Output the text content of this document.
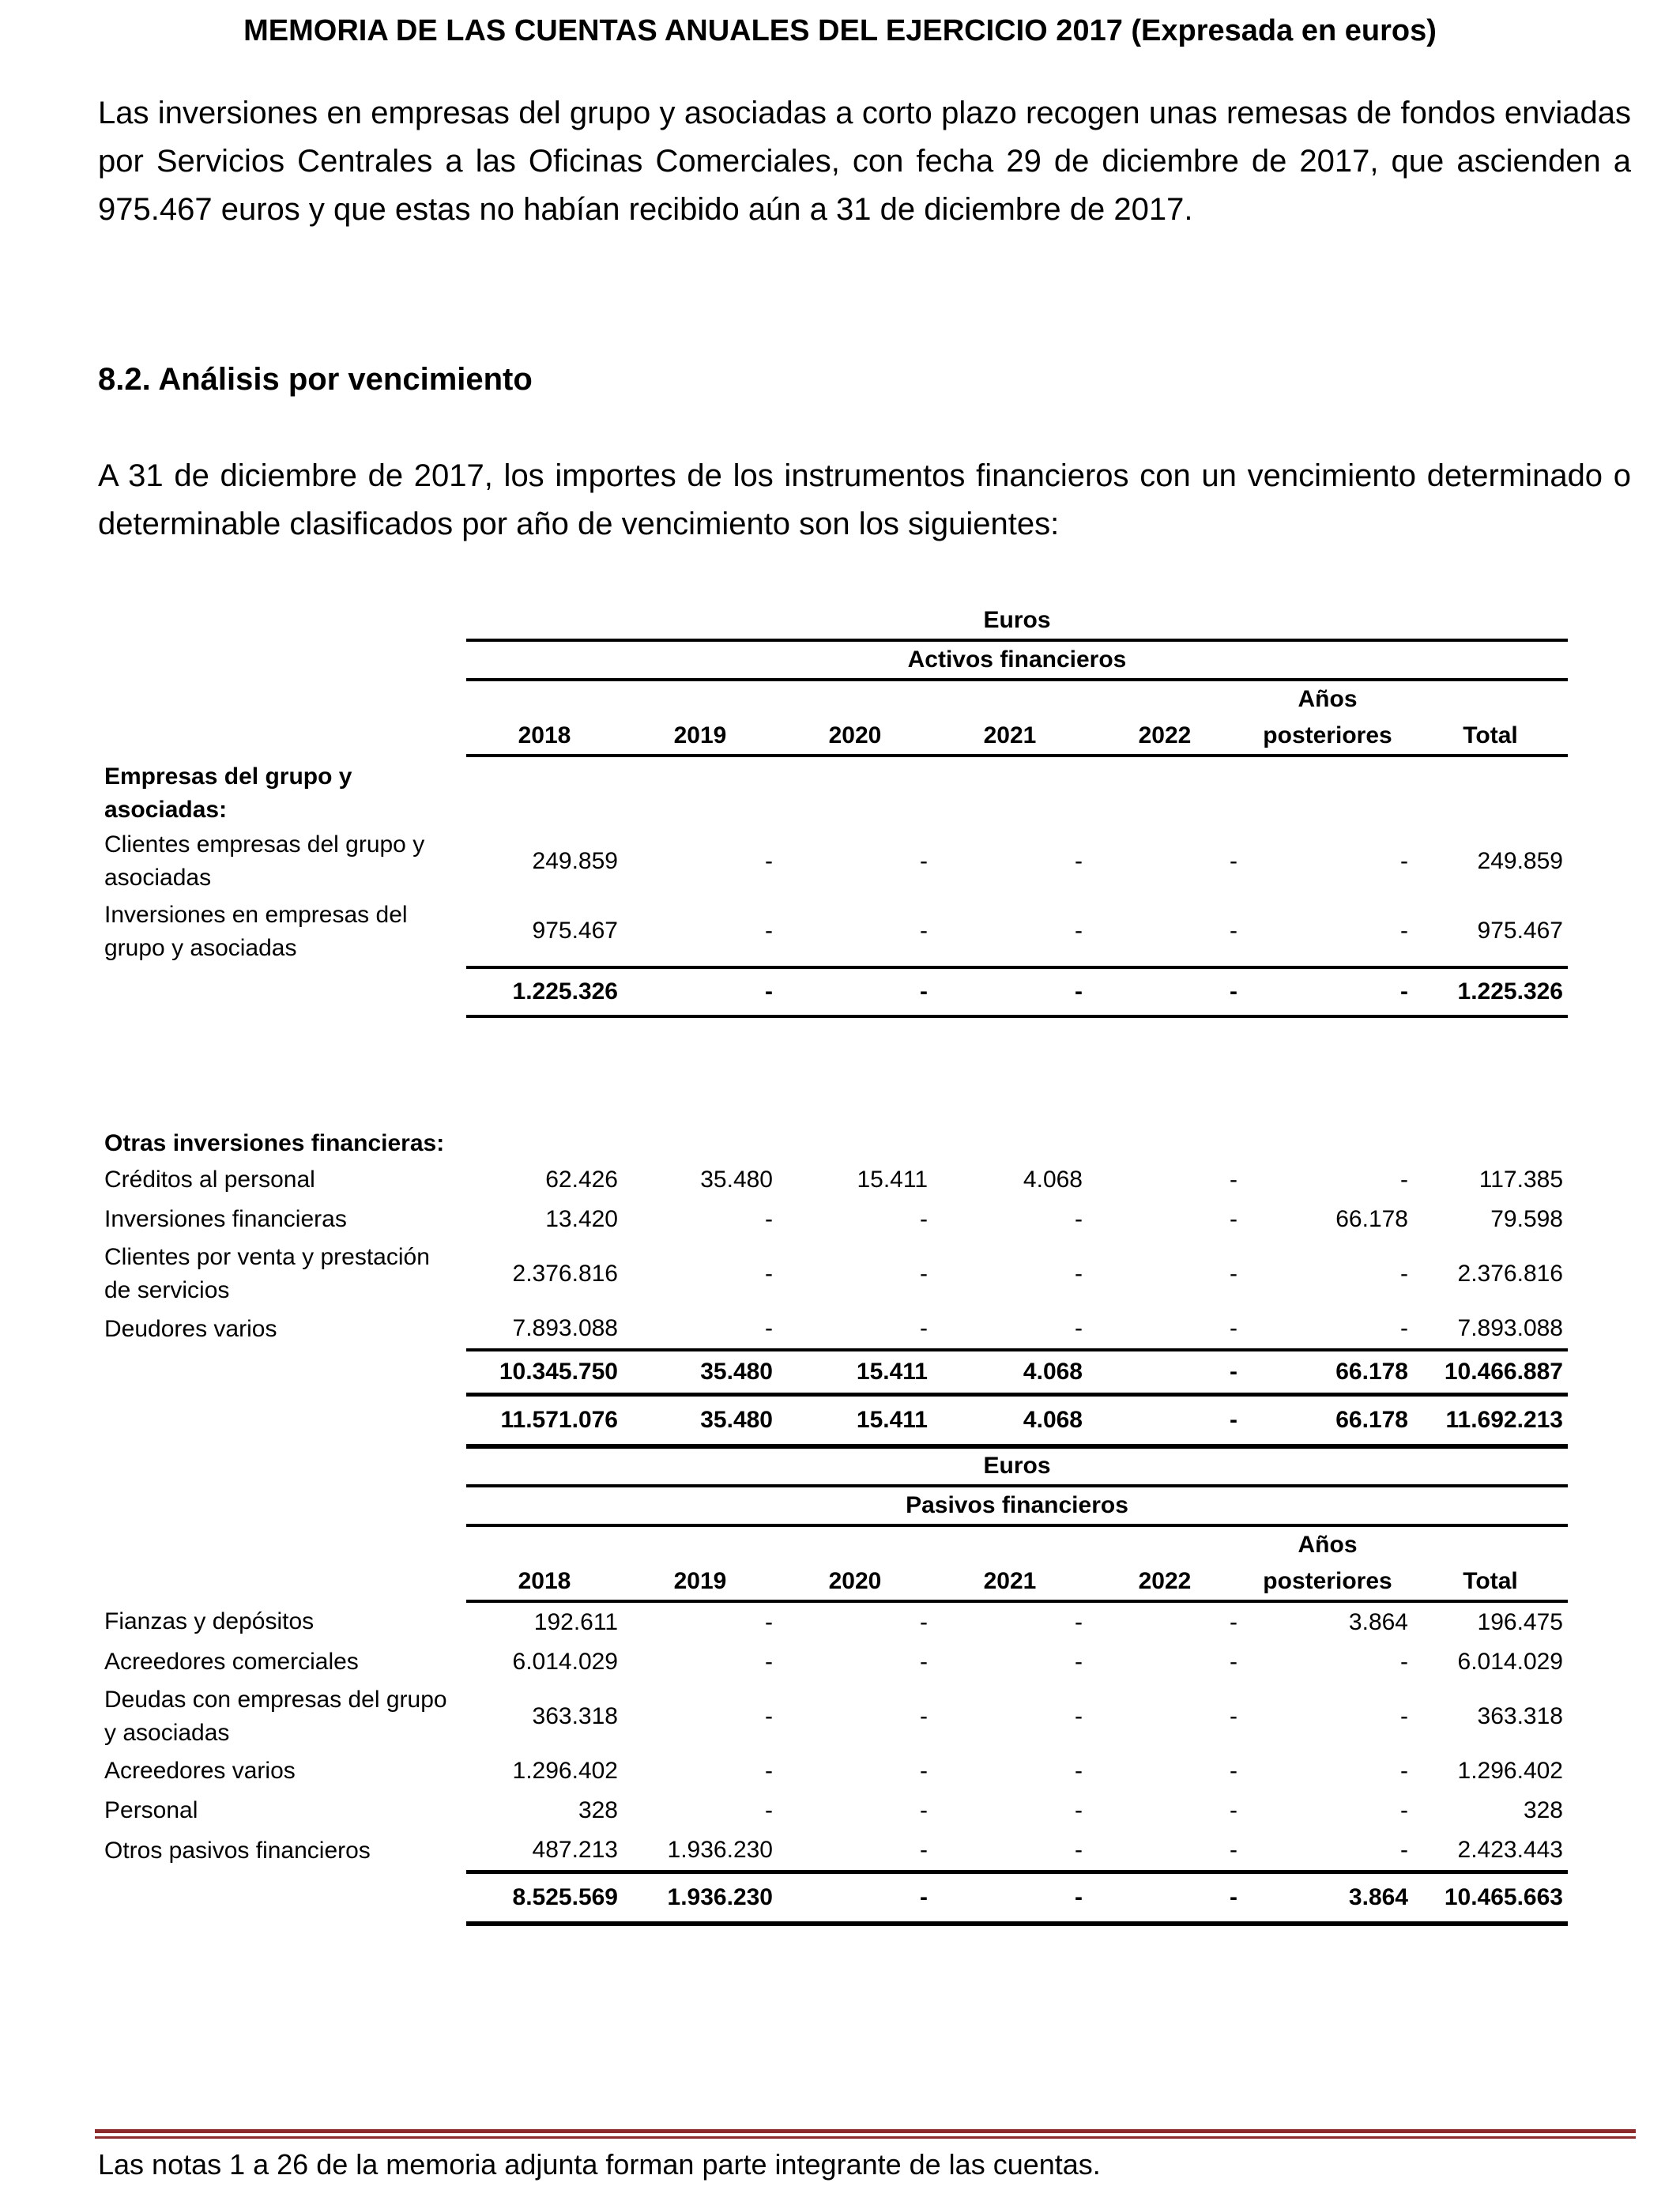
MEMORIA DE LAS CUENTAS ANUALES DEL EJERCICIO 2017 (Expresada en euros)

Las inversiones en empresas del grupo y asociadas a corto plazo recogen unas remesas de fondos enviadas por Servicios Centrales a las Oficinas Comerciales, con fecha 29 de diciembre de 2017, que ascienden a 975.467 euros y que estas no habían recibido aún a 31 de diciembre de 2017.

8.2. Análisis por vencimiento

A 31 de diciembre de 2017, los importes de los instrumentos financieros con un vencimiento determinado o determinable clasificados por año de vencimiento son los siguientes:

	Euros						
	Activos financieros						
						Años	
	2018	2019	2020	2021	2022	posteriores	Total
Empresas del grupo y asociadas:							
Clientes empresas del grupo y asociadas	249.859	-	-	-	-	-	249.859
Inversiones en empresas del grupo y asociadas	975.467	-	-	-	-	-	975.467
	1.225.326	-	-	-	-	-	1.225.326

Otras inversiones financieras:							
Créditos al personal	62.426	35.480	15.411	4.068	-	-	117.385
Inversiones financieras	13.420	-	-	-	-	66.178	79.598
Clientes por venta y prestación de servicios	2.376.816	-	-	-	-	-	2.376.816
Deudores varios	7.893.088	-	-	-	-	-	7.893.088
	10.345.750	35.480	15.411	4.068	-	66.178	10.466.887
	11.571.076	35.480	15.411	4.068	-	66.178	11.692.213
	Euros						
	Pasivos financieros						
						Años	
	2018	2019	2020	2021	2022	posteriores	Total
Fianzas y depósitos	192.611	-	-	-	-	3.864	196.475
Acreedores comerciales	6.014.029	-	-	-	-	-	6.014.029
Deudas con empresas del grupo y asociadas	363.318	-	-	-	-	-	363.318
Acreedores varios	1.296.402	-	-	-	-	-	1.296.402
Personal	328	-	-	-	-	-	328
Otros pasivos financieros	487.213	1.936.230	-	-	-	-	2.423.443
	8.525.569	1.936.230	-	-	-	3.864	10.465.663
Las notas 1 a 26 de la memoria adjunta forman parte integrante de las cuentas.
